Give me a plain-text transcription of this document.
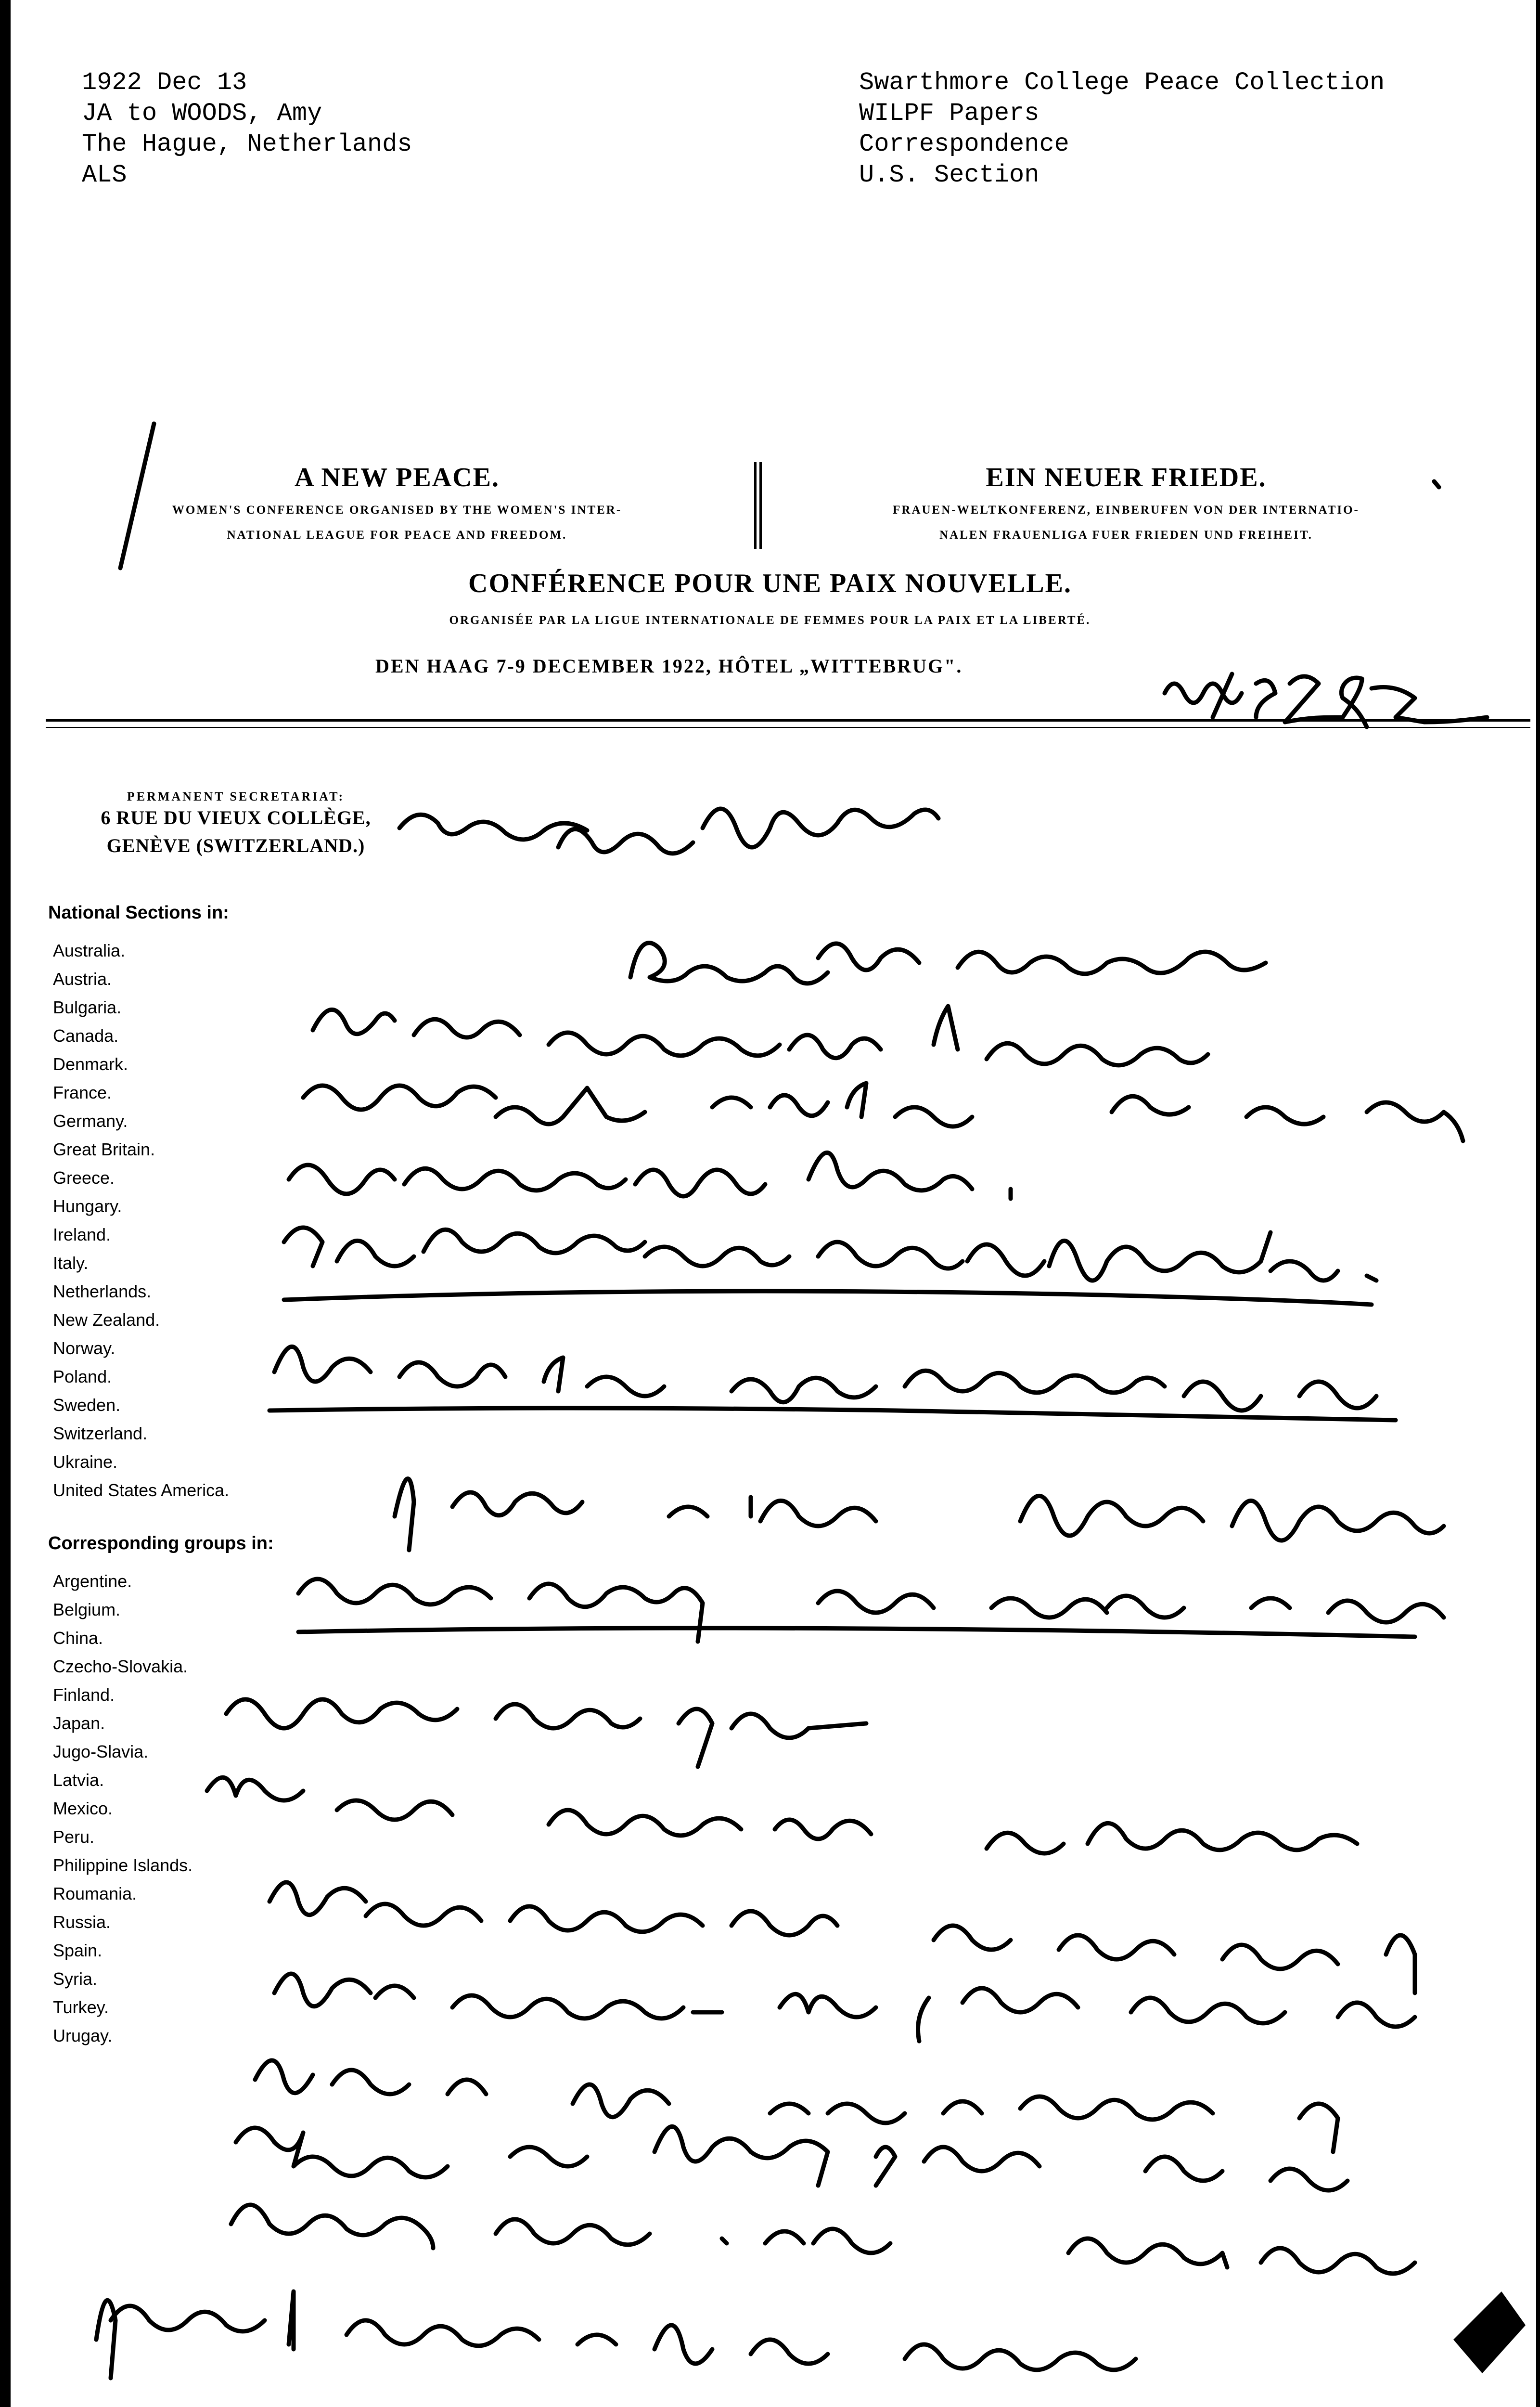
1922 Dec 13
JA to WOODS, Amy
The Hague, Netherlands
ALS
Swarthmore College Peace Collection
WILPF Papers
Correspondence
U.S. Section
A NEW PEACE.
WOMEN'S CONFERENCE ORGANISED BY THE WOMEN'S INTER-
NATIONAL LEAGUE FOR PEACE AND FREEDOM.
EIN NEUER FRIEDE.
FRAUEN-WELTKONFERENZ, EINBERUFEN VON DER INTERNATIO-
NALEN FRAUENLIGA FUER FRIEDEN UND FREIHEIT.
CONFÉRENCE POUR UNE PAIX NOUVELLE.
ORGANISÉE PAR LA LIGUE INTERNATIONALE DE FEMMES POUR LA PAIX ET LA LIBERTÉ.
DEN HAAG 7-9 DECEMBER 1922, HÔTEL „WITTEBRUG".
PERMANENT SECRETARIAT:
6 RUE DU VIEUX COLLÈGE,
GENÈVE (SWITZERLAND.)
National Sections in:
Australia.
Austria.
Bulgaria.
Canada.
Denmark.
France.
Germany.
Great Britain.
Greece.
Hungary.
Ireland.
Italy.
Netherlands.
New Zealand.
Norway.
Poland.
Sweden.
Switzerland.
Ukraine.
United States America.
Corresponding groups in:
Argentine.
Belgium.
China.
Czecho-Slovakia.
Finland.
Japan.
Jugo-Slavia.
Latvia.
Mexico.
Peru.
Philippine Islands.
Roumania.
Russia.
Spain.
Syria.
Turkey.
Urugay.
